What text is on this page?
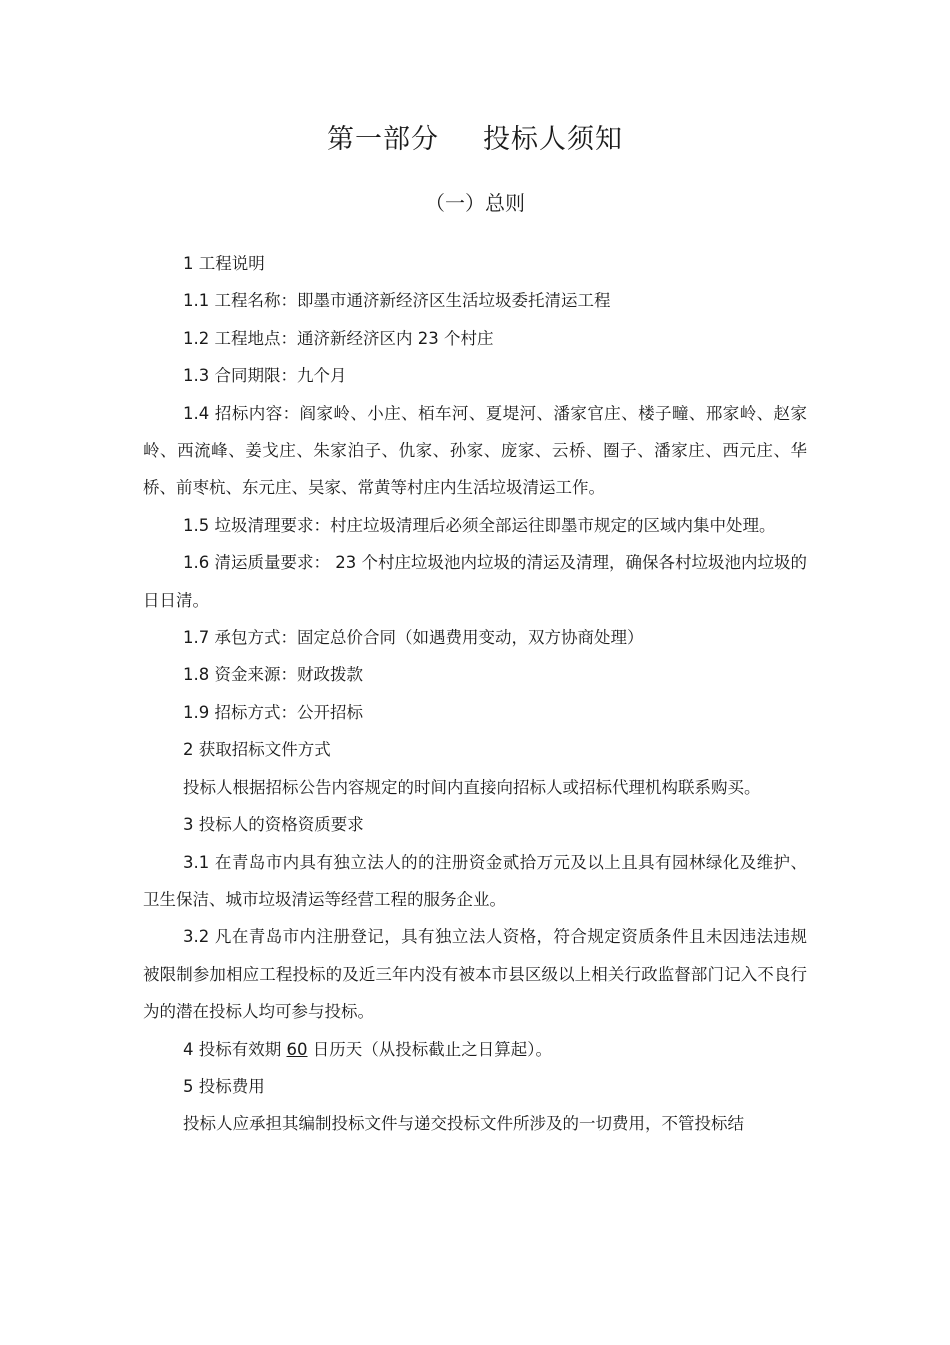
第一部分 投标人须知
（一）总则

1 工程说明

1.1 工程名称：即墨市通济新经济区生活垃圾委托清运工程

1.2 工程地点：通济新经济区内 23 个村庄

1.3 合同期限：九个月

1.4 招标内容：阎家岭、小庄、栢车河、夏堤河、潘家官庄、楼子疃、邢家岭、赵家岭、西流峰、姜戈庄、朱家泊子、仇家、孙家、庞家、云桥、圈子、潘家庄、西元庄、华桥、前枣杭、东元庄、吴家、常黄等村庄内生活垃圾清运工作。

1.5 垃圾清理要求：村庄垃圾清理后必须全部运往即墨市规定的区域内集中处理。

1.6 清运质量要求： 23 个村庄垃圾池内垃圾的清运及清理，确保各村垃圾池内垃圾的日日清。

1.7 承包方式：固定总价合同（如遇费用变动，双方协商处理）

1.8 资金来源：财政拨款

1.9 招标方式：公开招标

2 获取招标文件方式

投标人根据招标公告内容规定的时间内直接向招标人或招标代理机构联系购买。

3 投标人的资格资质要求

3.1 在青岛市内具有独立法人的的注册资金贰拾万元及以上且具有园林绿化及维护、卫生保洁、城市垃圾清运等经营工程的服务企业。

3.2 凡在青岛市内注册登记，具有独立法人资格，符合规定资质条件且未因违法违规被限制参加相应工程投标的及近三年内没有被本市县区级以上相关行政监督部门记入不良行为的潜在投标人均可参与投标。

4 投标有效期 60 日历天（从投标截止之日算起）。

5 投标费用

投标人应承担其编制投标文件与递交投标文件所涉及的一切费用，不管投标结
